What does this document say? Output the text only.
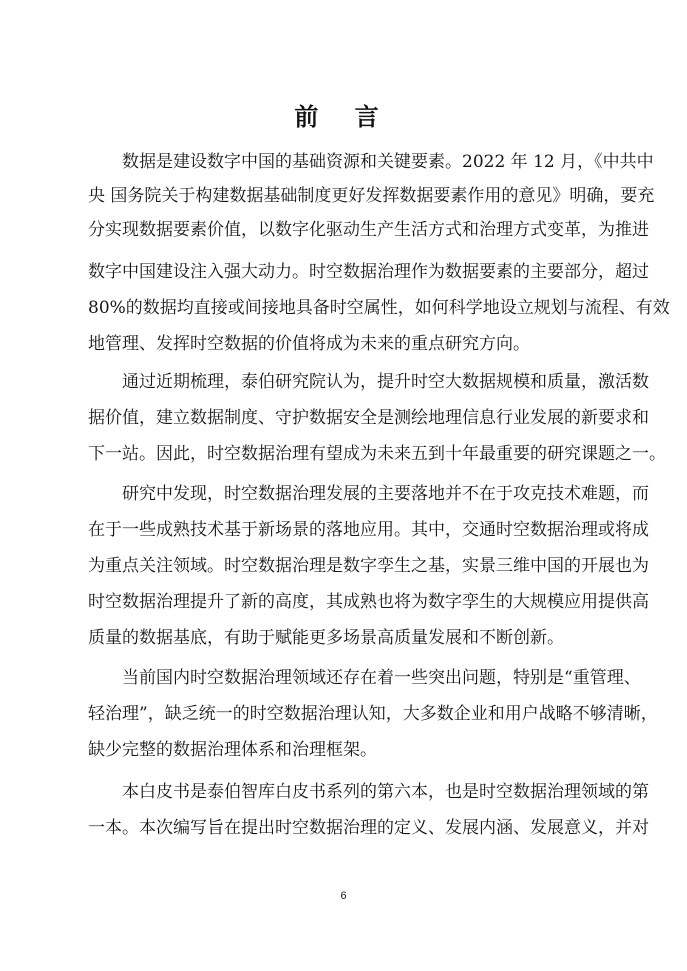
前 言
数据是建设数字中国的基础资源和关键要素。2022 年 12 月，《中共中
央 国务院关于构建数据基础制度更好发挥数据要素作用的意见》明确，要充
分实现数据要素价值，以数字化驱动生产生活方式和治理方式变革，为推进
数字中国建设注入强大动力。时空数据治理作为数据要素的主要部分，超过
80%的数据均直接或间接地具备时空属性，如何科学地设立规划与流程、有效
地管理、发挥时空数据的价值将成为未来的重点研究方向。
通过近期梳理，泰伯研究院认为，提升时空大数据规模和质量，激活数
据价值，建立数据制度、守护数据安全是测绘地理信息行业发展的新要求和
下一站。因此，时空数据治理有望成为未来五到十年最重要的研究课题之一。
研究中发现，时空数据治理发展的主要落地并不在于攻克技术难题，而
在于一些成熟技术基于新场景的落地应用。其中，交通时空数据治理或将成
为重点关注领域。时空数据治理是数字孪生之基，实景三维中国的开展也为
时空数据治理提升了新的高度，其成熟也将为数字孪生的大规模应用提供高
质量的数据基底，有助于赋能更多场景高质量发展和不断创新。
当前国内时空数据治理领域还存在着一些突出问题，特别是“重管理、
轻治理”，缺乏统一的时空数据治理认知，大多数企业和用户战略不够清晰，
缺少完整的数据治理体系和治理框架。
本白皮书是泰伯智库白皮书系列的第六本，也是时空数据治理领域的第
一本。本次编写旨在提出时空数据治理的定义、发展内涵、发展意义，并对
6
